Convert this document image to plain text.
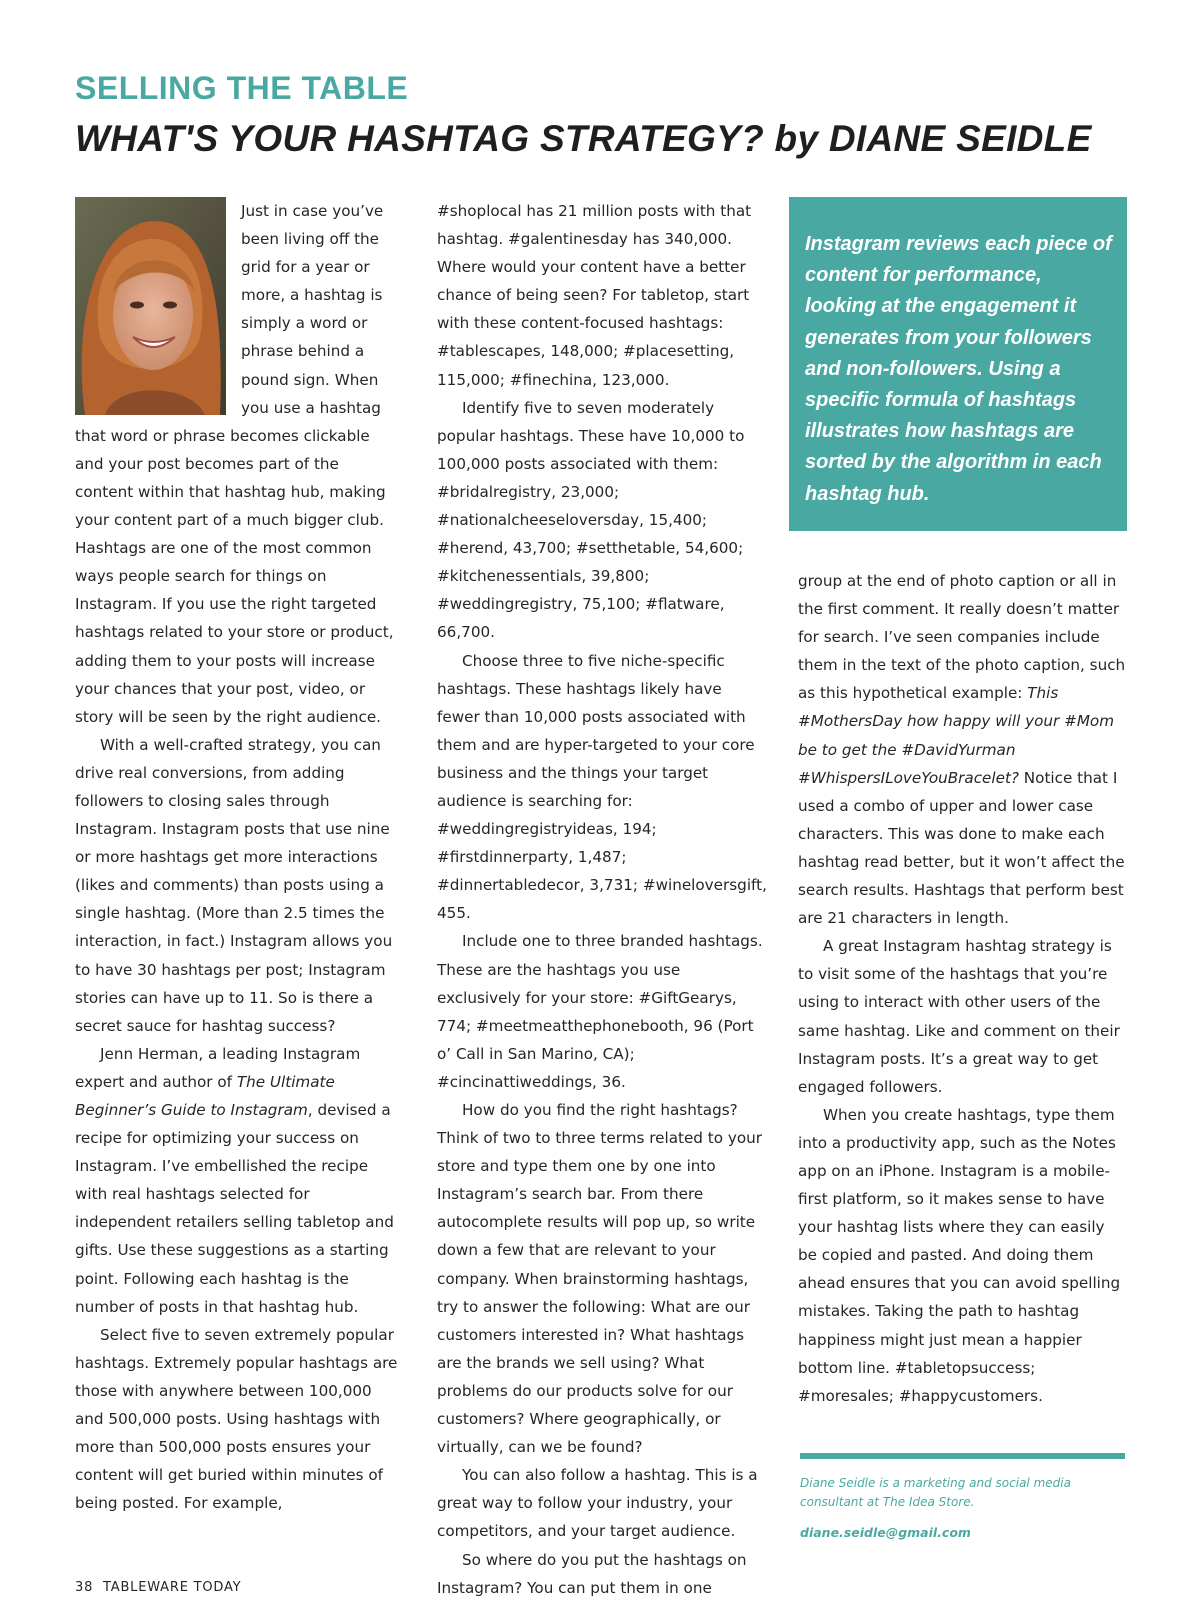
SELLING THE TABLE
WHAT'S YOUR HASHTAG STRATEGY? by DIANE SEIDLE

Just in case you’ve been living off the grid for a year or more, a hashtag is simply a word or phrase behind a pound sign. When you use a hashtag that word or phrase becomes clickable and your post becomes part of the content within that hashtag hub, making your content part of a much bigger club. Hashtags are one of the most common ways people search for things on Instagram. If you use the right targeted hashtags related to your store or product, adding them to your posts will increase your chances that your post, video, or story will be seen by the right audience.

With a well-crafted strategy, you can drive real conversions, from adding followers to closing sales through Instagram. Instagram posts that use nine or more hashtags get more interactions (likes and comments) than posts using a single hashtag. (More than 2.5 times the interaction, in fact.) Instagram allows you to have 30 hashtags per post; Instagram stories can have up to 11. So is there a secret sauce for hashtag success?

Jenn Herman, a leading Instagram expert and author of The Ultimate Beginner’s Guide to Instagram, devised a recipe for optimizing your success on Instagram. I’ve embellished the recipe with real hashtags selected for independent retailers selling tabletop and gifts. Use these suggestions as a starting point. Following each hashtag is the number of posts in that hashtag hub.

Select five to seven extremely popular hashtags. Extremely popular hashtags are those with anywhere between 100,000 and 500,000 posts. Using hashtags with more than 500,000 posts ensures your content will get buried within minutes of being posted. For example,

#shoplocal has 21 million posts with that hashtag. #galentinesday has 340,000. Where would your content have a better chance of being seen? For tabletop, start with these content-focused hashtags: #tablescapes, 148,000; #placesetting, 115,000; #finechina, 123,000.

Identify five to seven moderately popular hashtags. These have 10,000 to 100,000 posts associated with them: #bridalregistry, 23,000; #nationalcheeseloversday, 15,400; #herend, 43,700; #setthetable, 54,600; #kitchenessentials, 39,800; #weddingregistry, 75,100; #flatware, 66,700.

Choose three to five niche-specific hashtags. These hashtags likely have fewer than 10,000 posts associated with them and are hyper-targeted to your core business and the things your target audience is searching for: #weddingregistryideas, 194; #firstdinnerparty, 1,487; #dinnertabledecor, 3,731; #wineloversgift, 455.

Include one to three branded hashtags. These are the hashtags you use exclusively for your store: #GiftGearys, 774; #meetmeatthephonebooth, 96 (Port o’ Call in San Marino, CA); #cincinattiweddings, 36.

How do you find the right hashtags? Think of two to three terms related to your store and type them one by one into Instagram’s search bar. From there autocomplete results will pop up, so write down a few that are relevant to your company. When brainstorming hashtags, try to answer the following: What are our customers interested in? What hashtags are the brands we sell using? What problems do our products solve for our customers? Where geographically, or virtually, can we be found?

You can also follow a hashtag. This is a great way to follow your industry, your competitors, and your target audience.

So where do you put the hashtags on Instagram? You can put them in one

Instagram reviews each piece of content for performance, looking at the engagement it generates from your followers and non-followers. Using a specific formula of hashtags illustrates how hashtags are sorted by the algorithm in each hashtag hub.

group at the end of photo caption or all in the first comment. It really doesn’t matter for search. I’ve seen companies include them in the text of the photo caption, such as this hypothetical example: This #MothersDay how happy will your #Mom be to get the #DavidYurman #WhispersILoveYouBracelet? Notice that I used a combo of upper and lower case characters. This was done to make each hashtag read better, but it won’t affect the search results. Hashtags that perform best are 21 characters in length.

A great Instagram hashtag strategy is to visit some of the hashtags that you’re using to interact with other users of the same hashtag. Like and comment on their Instagram posts. It’s a great way to get engaged followers.

When you create hashtags, type them into a productivity app, such as the Notes app on an iPhone. Instagram is a mobile-first platform, so it makes sense to have your hashtag lists where they can easily be copied and pasted. And doing them ahead ensures that you can avoid spelling mistakes. Taking the path to hashtag happiness might just mean a happier bottom line. #tabletopsuccess; #moresales; #happycustomers.

Diane Seidle is a marketing and social media consultant at The Idea Store.
diane.seidle@gmail.com
38 TABLEWARE TODAY
